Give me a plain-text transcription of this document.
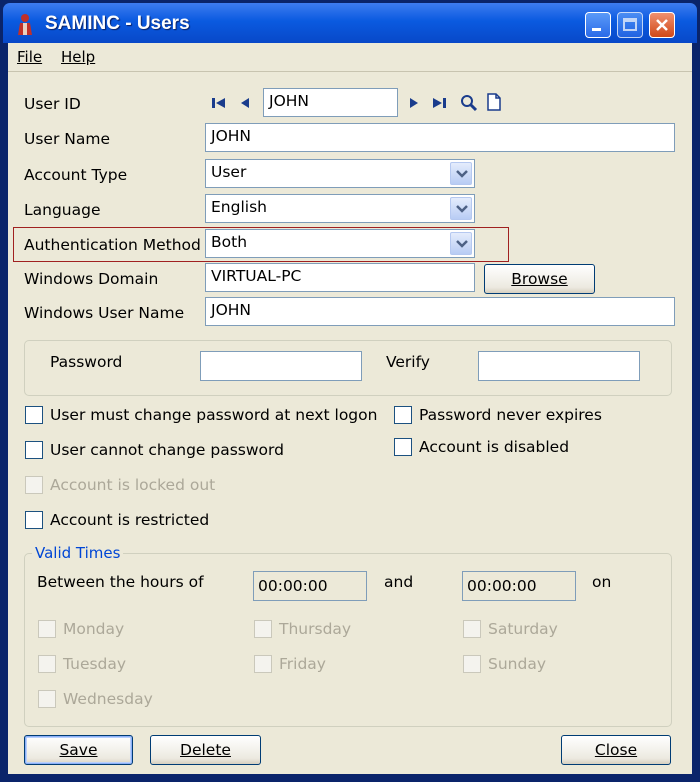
SAMINC - Users
File Help
User ID	JOHN
User Name	JOHN
Account Type	User
Language	English
Authentication Method Both
Windows Domain	VIRTUAL-PC	Browse
Windows User Name	JOHN
Password	Verify
User must change password at next logon	Password never expires
User cannot change password	Account is disabled
Account is locked out
Account is restricted
Valid Times
Between the hours of	00:00:00	and	00:00:00	on
Monday	Thursday	Saturday
Tuesday	Friday	Sunday
Wednesday
Save	Delete	Close
